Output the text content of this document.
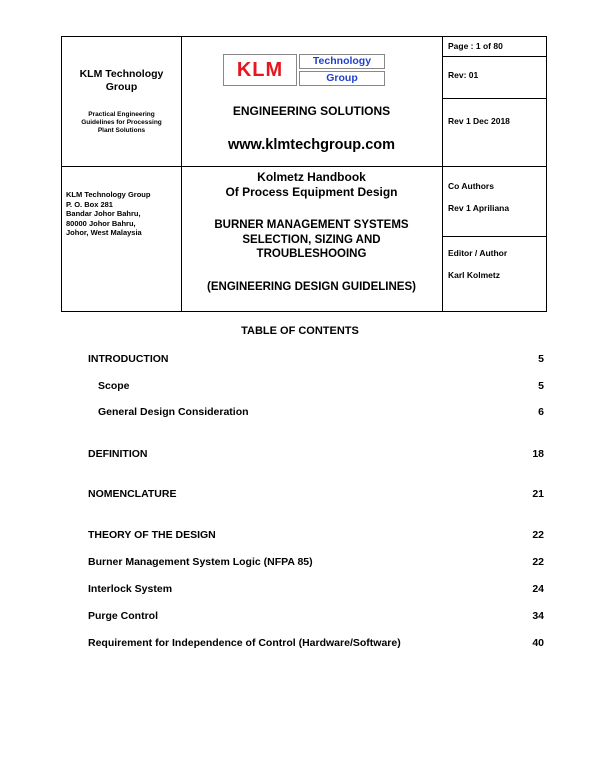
KLM Technology
Group
Practical Engineering
Guidelines for Processing
Plant Solutions
KLM	Technology
Group
ENGINEERING SOLUTIONS
www.klmtechgroup.com
Page : 1 of 80
Rev: 01
Rev 1 Dec 2018
KLM Technology Group
P. O. Box 281
Bandar Johor Bahru,
80000 Johor Bahru,
Johor, West Malaysia
Kolmetz Handbook
Of Process Equipment Design
BURNER MANAGEMENT SYSTEMS
SELECTION, SIZING AND
TROUBLESHOOING
(ENGINEERING DESIGN GUIDELINES)
Co Authors
Rev 1 Apriliana
Editor / Author
Karl Kolmetz
TABLE OF CONTENTS
INTRODUCTION	5
Scope	5
General Design Consideration	6
DEFINITION	18
NOMENCLATURE	21
THEORY OF THE DESIGN	22
Burner Management System Logic (NFPA 85)	22
Interlock System	24
Purge Control	34
Requirement for Independence of Control (Hardware/Software)	40
